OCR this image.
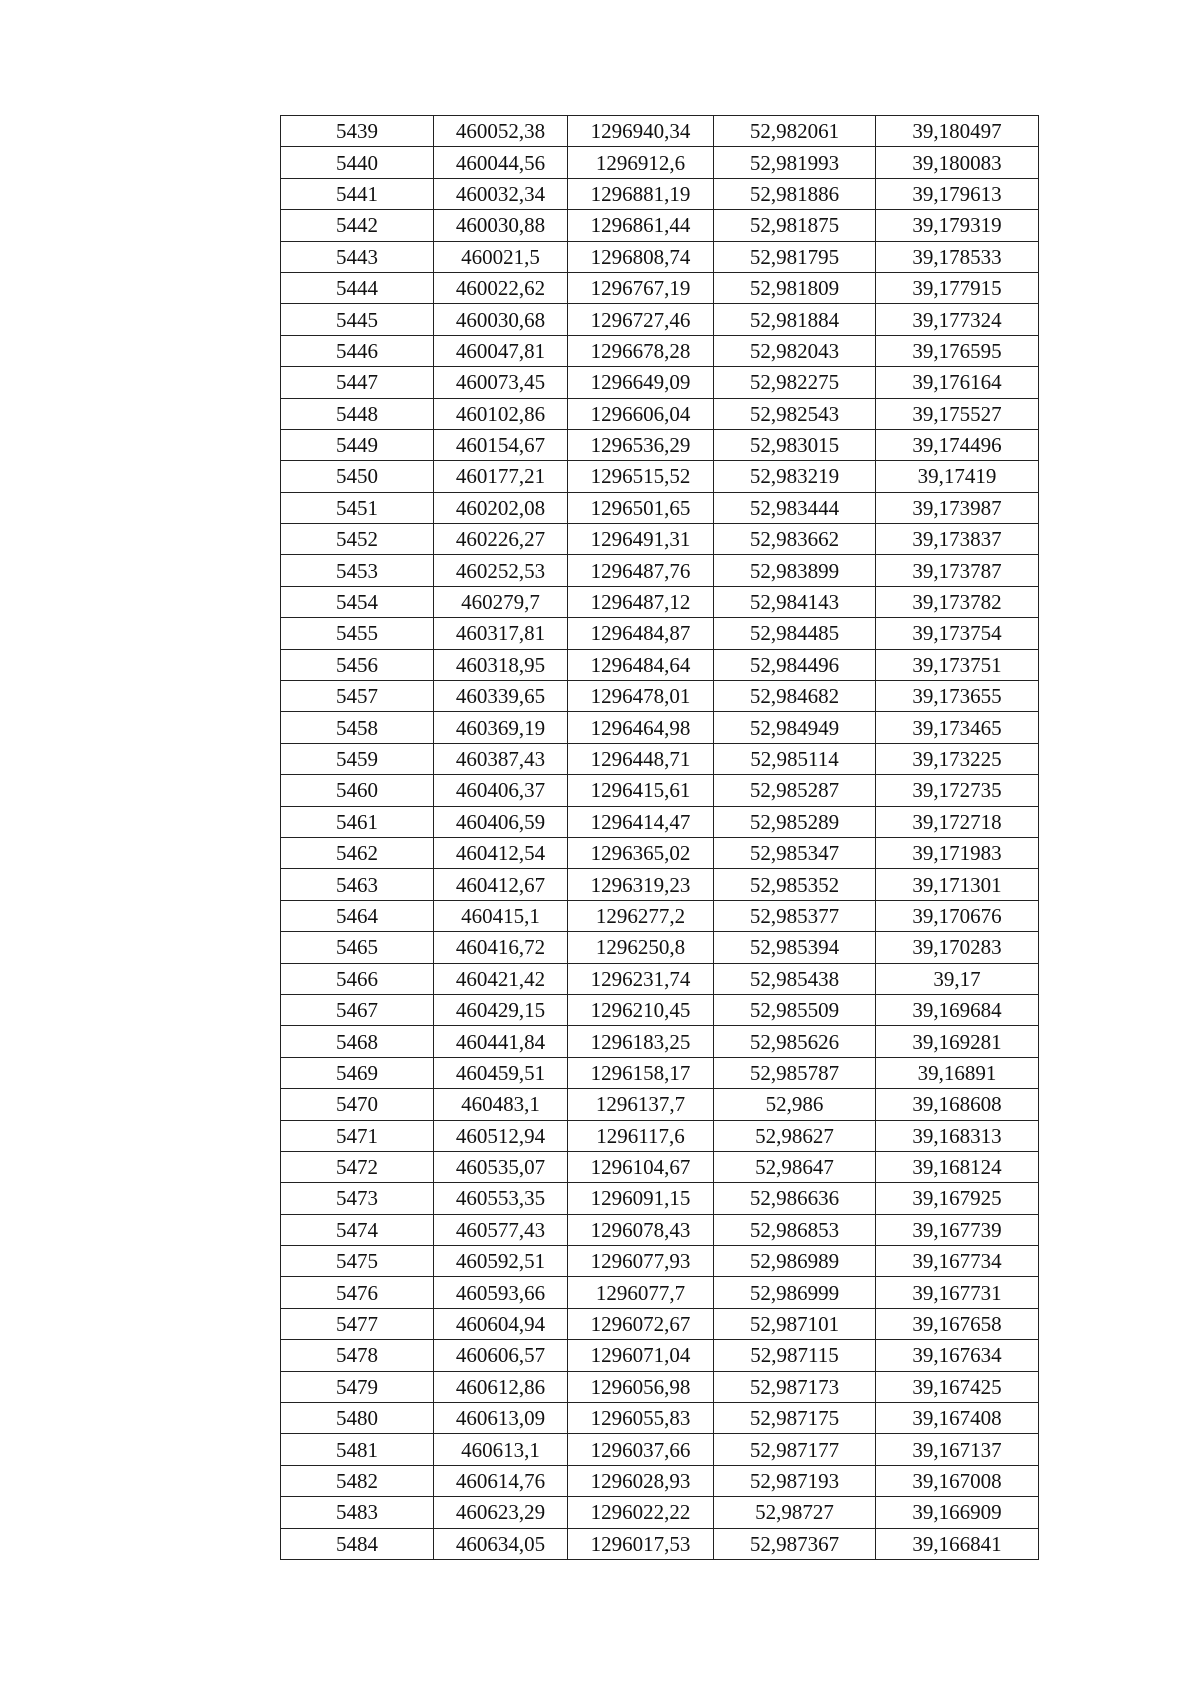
5439	460052,38	1296940,34	52,982061	39,180497
5440	460044,56	1296912,6	52,981993	39,180083
5441	460032,34	1296881,19	52,981886	39,179613
5442	460030,88	1296861,44	52,981875	39,179319
5443	460021,5	1296808,74	52,981795	39,178533
5444	460022,62	1296767,19	52,981809	39,177915
5445	460030,68	1296727,46	52,981884	39,177324
5446	460047,81	1296678,28	52,982043	39,176595
5447	460073,45	1296649,09	52,982275	39,176164
5448	460102,86	1296606,04	52,982543	39,175527
5449	460154,67	1296536,29	52,983015	39,174496
5450	460177,21	1296515,52	52,983219	39,17419
5451	460202,08	1296501,65	52,983444	39,173987
5452	460226,27	1296491,31	52,983662	39,173837
5453	460252,53	1296487,76	52,983899	39,173787
5454	460279,7	1296487,12	52,984143	39,173782
5455	460317,81	1296484,87	52,984485	39,173754
5456	460318,95	1296484,64	52,984496	39,173751
5457	460339,65	1296478,01	52,984682	39,173655
5458	460369,19	1296464,98	52,984949	39,173465
5459	460387,43	1296448,71	52,985114	39,173225
5460	460406,37	1296415,61	52,985287	39,172735
5461	460406,59	1296414,47	52,985289	39,172718
5462	460412,54	1296365,02	52,985347	39,171983
5463	460412,67	1296319,23	52,985352	39,171301
5464	460415,1	1296277,2	52,985377	39,170676
5465	460416,72	1296250,8	52,985394	39,170283
5466	460421,42	1296231,74	52,985438	39,17
5467	460429,15	1296210,45	52,985509	39,169684
5468	460441,84	1296183,25	52,985626	39,169281
5469	460459,51	1296158,17	52,985787	39,16891
5470	460483,1	1296137,7	52,986	39,168608
5471	460512,94	1296117,6	52,98627	39,168313
5472	460535,07	1296104,67	52,98647	39,168124
5473	460553,35	1296091,15	52,986636	39,167925
5474	460577,43	1296078,43	52,986853	39,167739
5475	460592,51	1296077,93	52,986989	39,167734
5476	460593,66	1296077,7	52,986999	39,167731
5477	460604,94	1296072,67	52,987101	39,167658
5478	460606,57	1296071,04	52,987115	39,167634
5479	460612,86	1296056,98	52,987173	39,167425
5480	460613,09	1296055,83	52,987175	39,167408
5481	460613,1	1296037,66	52,987177	39,167137
5482	460614,76	1296028,93	52,987193	39,167008
5483	460623,29	1296022,22	52,98727	39,166909
5484	460634,05	1296017,53	52,987367	39,166841
